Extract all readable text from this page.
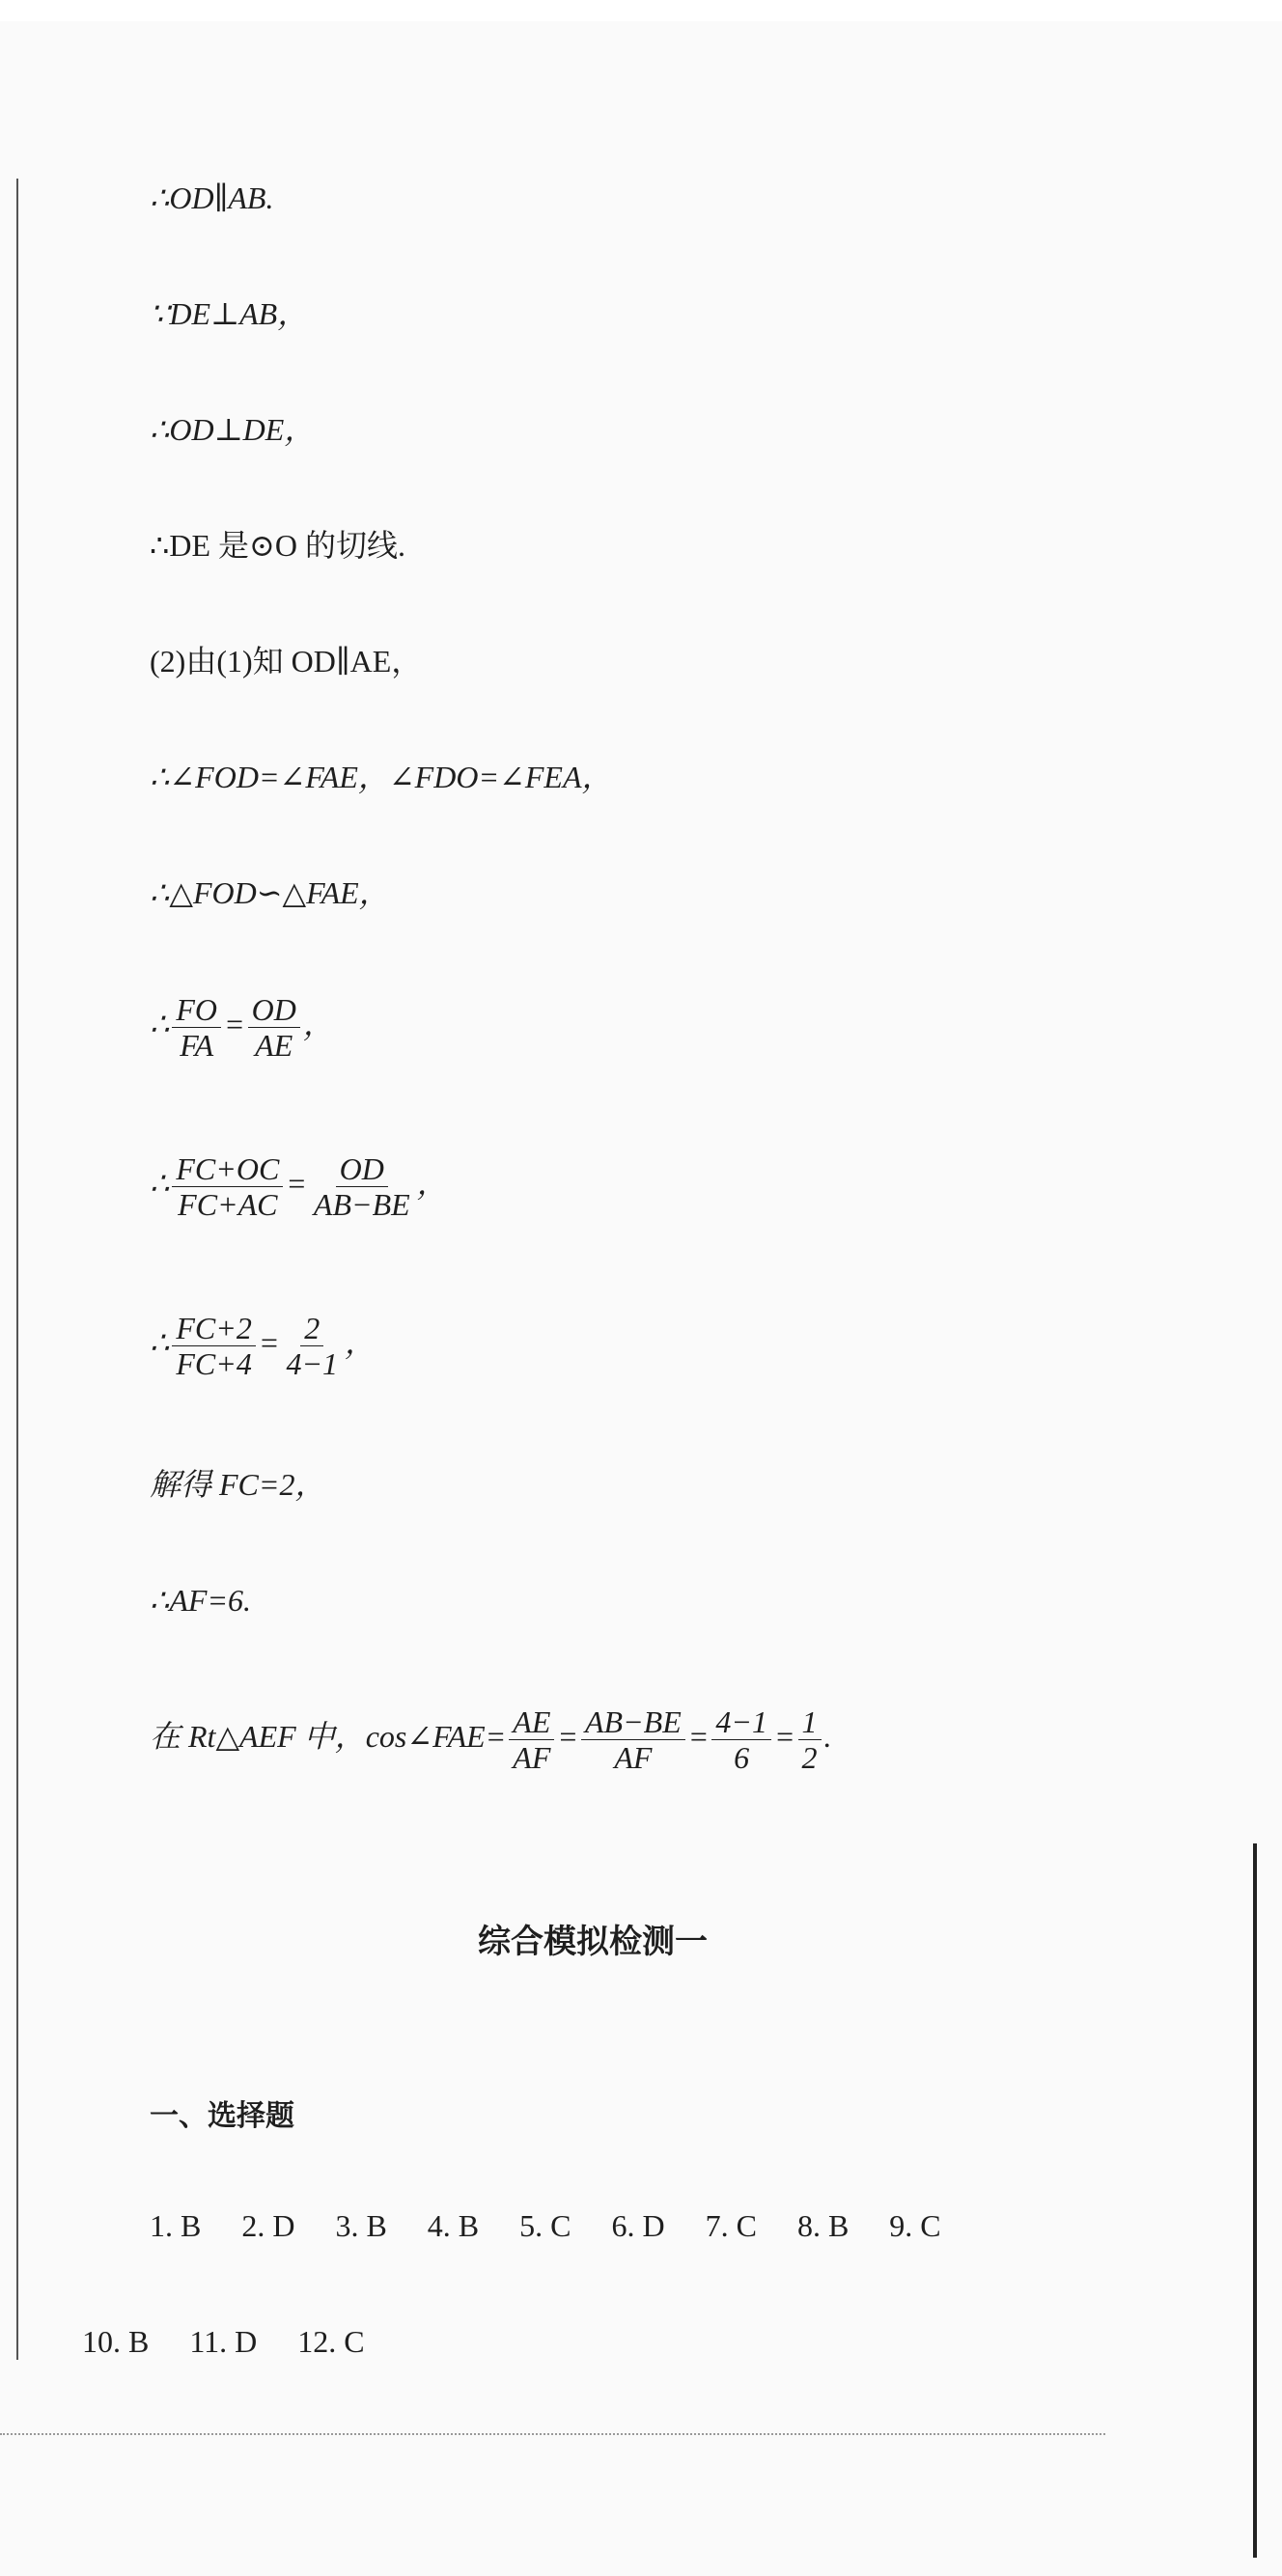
∴OD∥AB.
∵DE⊥AB，
∴OD⊥DE，
∴DE 是⊙O 的切线.
(2)由(1)知 OD∥AE，
∴∠FOD=∠FAE，∠FDO=∠FEA，
∴△FOD∽△FAE，
∴ $\frac{FO}{FA} = \frac{OD}{AE}$ ，
∴ $\frac{FC+OC}{FC+AC} = \frac{OD}{AB-BE}$ ，
∴ $\frac{FC+2}{FC+4} = \frac{2}{4-1}$ ，
解得 FC=2，
∴AF=6.
在 Rt△AEF 中，cos∠FAE= $\frac{AE}{AF} = \frac{AB-BE}{AF} = \frac{4-1}{6} = \frac{1}{2}$ .
综合模拟检测一
一、选择题
1. B 2. D 3. B 4. B 5. C 6. D 7. C 8. B 9. C
10. B 11. D 12. C
